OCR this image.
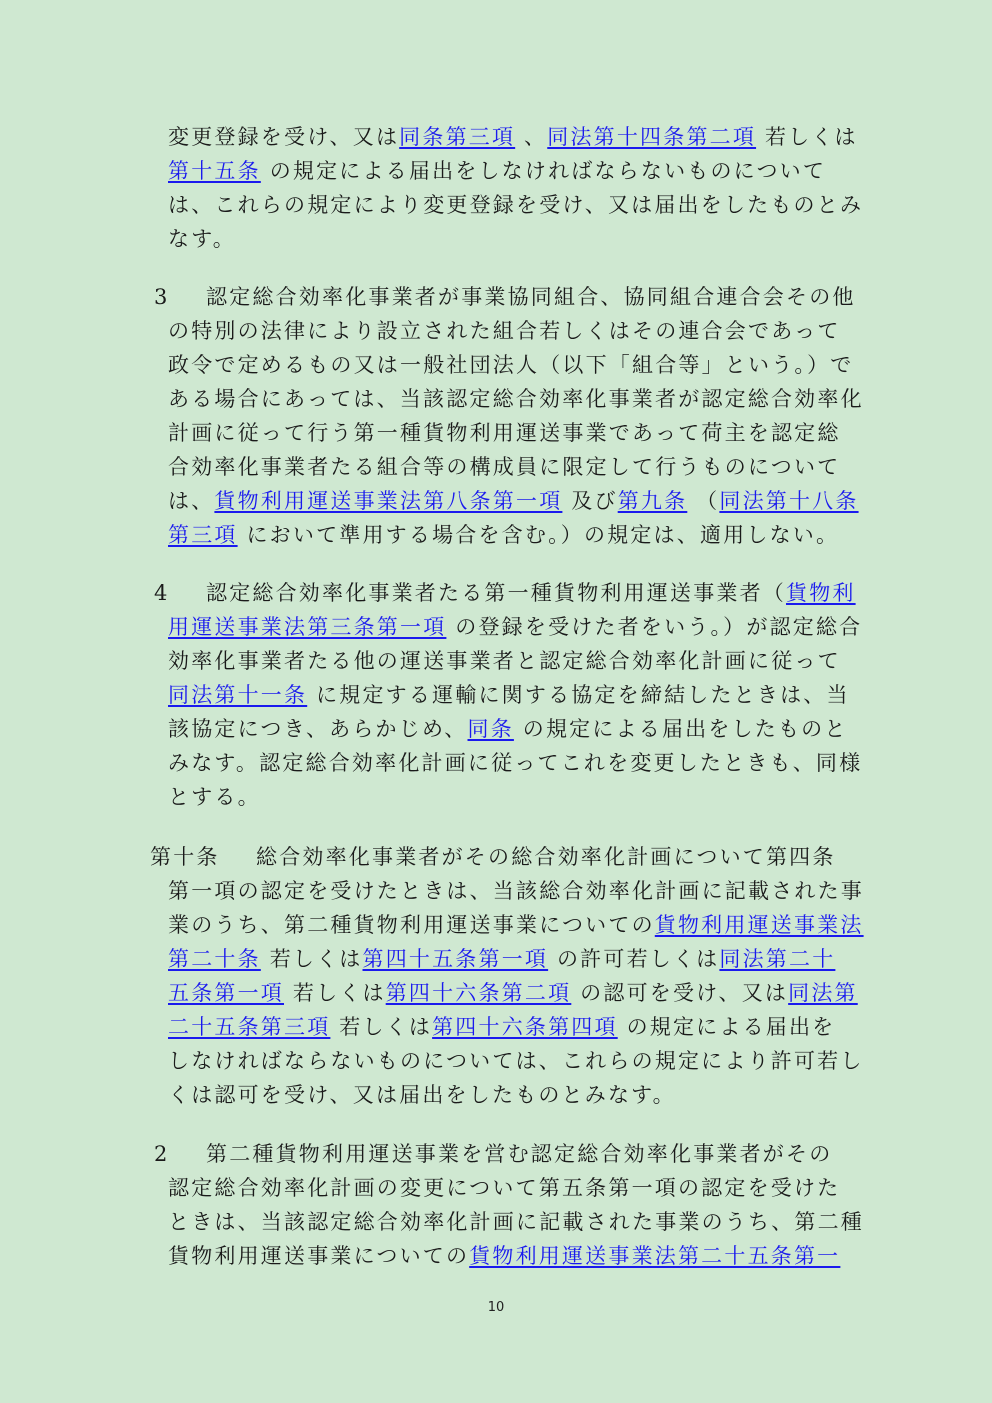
変更登録を受け、又は同条第三項 、同法第十四条第二項 若しくは
第十五条 の規定による届出をしなければならないものについて
は、これらの規定により変更登録を受け、又は届出をしたものとみ
なす。
3 認定総合効率化事業者が事業協同組合、協同組合連合会その他
の特別の法律により設立された組合若しくはその連合会であって
政令で定めるもの又は一般社団法人（以下「組合等」という。）で
ある場合にあっては、当該認定総合効率化事業者が認定総合効率化
計画に従って行う第一種貨物利用運送事業であって荷主を認定総
合効率化事業者たる組合等の構成員に限定して行うものについて
は、貨物利用運送事業法第八条第一項 及び第九条 （同法第十八条
第三項 において準用する場合を含む。）の規定は、適用しない。
4 認定総合効率化事業者たる第一種貨物利用運送事業者（貨物利
用運送事業法第三条第一項 の登録を受けた者をいう。）が認定総合
効率化事業者たる他の運送事業者と認定総合効率化計画に従って
同法第十一条 に規定する運輸に関する協定を締結したときは、当
該協定につき、あらかじめ、同条 の規定による届出をしたものと
みなす。認定総合効率化計画に従ってこれを変更したときも、同様
とする。
第十条 総合効率化事業者がその総合効率化計画について第四条
第一項の認定を受けたときは、当該総合効率化計画に記載された事
業のうち、第二種貨物利用運送事業についての貨物利用運送事業法
第二十条 若しくは第四十五条第一項 の許可若しくは同法第二十
五条第一項 若しくは第四十六条第二項 の認可を受け、又は同法第
二十五条第三項 若しくは第四十六条第四項 の規定による届出を
しなければならないものについては、これらの規定により許可若し
くは認可を受け、又は届出をしたものとみなす。
2 第二種貨物利用運送事業を営む認定総合効率化事業者がその
認定総合効率化計画の変更について第五条第一項の認定を受けた
ときは、当該認定総合効率化計画に記載された事業のうち、第二種
貨物利用運送事業についての貨物利用運送事業法第二十五条第一
10
